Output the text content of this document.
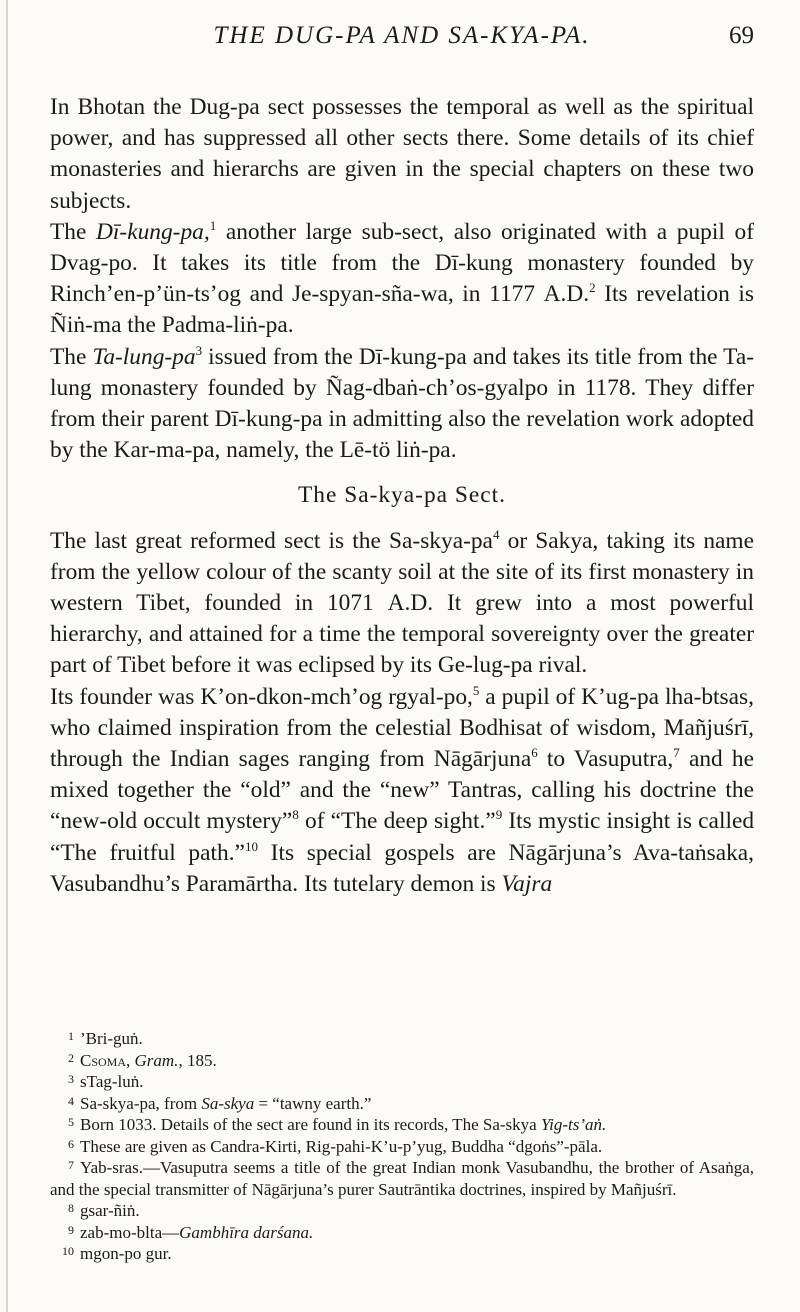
THE DUG-PA AND SA-KYA-PA.	69

In Bhotan the Dug-pa sect possesses the temporal as well as the spiritual power, and has suppressed all other sects there. Some details of its chief monasteries and hierarchs are given in the special chapters on these two subjects.

The Dī-kung-pa,$^1$ another large sub-sect, also originated with a pupil of Dvag-po. It takes its title from the Dī-kung monastery founded by Rinch’en-p’ün-ts’og and Je-spyan-sña-wa, in 1177 A.D.$^2$ Its revelation is Ñiṅ-ma the Padma-liṅ-pa.

The $Ta-lung-pa^3$ issued from the Dī-kung-pa and takes its title from the Ta-lung monastery founded by Ñag-dbaṅ-ch’os-gyalpo in 1178. They differ from their parent Dī-kung-pa in admitting also the revelation work adopted by the Kar-ma-pa, namely, the Lē-tö liṅ-pa.

The Sa-kya-pa Sect.

The last great reformed sect is the $Sa-skya-pa^4$ or Sakya, taking its name from the yellow colour of the scanty soil at the site of its first monastery in western Tibet, founded in 1071 A.D. It grew into a most powerful hierarchy, and attained for a time the temporal sovereignty over the greater part of Tibet before it was eclipsed by its Ge-lug-pa rival.

Its founder was K’on-dkon-mch’og rgyal-po,$^5$ a pupil of K’ug-pa lha-btsas, who claimed inspiration from the celestial Bodhisat of wisdom, Mañjuśrī, through the Indian sages ranging from Nāgārjuna$^6$ to Vasuputra,$^7$ and he mixed together the “old” and the “new” Tantras, calling his doctrine the “new-old occult mystery”$^8$ of “The deep sight.”$^9$ Its mystic insight is called “The fruitful path.”$^{10}$ Its special gospels are Nāgārjuna’s Ava-taṅsaka, Vasubandhu’s Paramārtha. Its tutelary demon is Vajra

1 ’Bri-guṅ.
2 Csoma, Gram., 185.
3 sTag-luṅ.
4 Sa-skya-pa, from Sa-skya = “tawny earth.”
5 Born 1033. Details of the sect are found in its records, The Sa-skya Yig-ts’aṅ.
6 These are given as Candra-Kirti, Rig-pahi-K’u-p’yug, Buddha “dgoṅs”-pāla.
7 Yab-sras.—Vasuputra seems a title of the great Indian monk Vasubandhu, the brother of Asaṅga, and the special transmitter of Nāgārjuna’s purer Sautrāntika doctrines, inspired by Mañjuśrī.
8 gsar-ñiṅ.
9 zab-mo-blta—Gambhīra darśana.
10 mgon-po gur.
